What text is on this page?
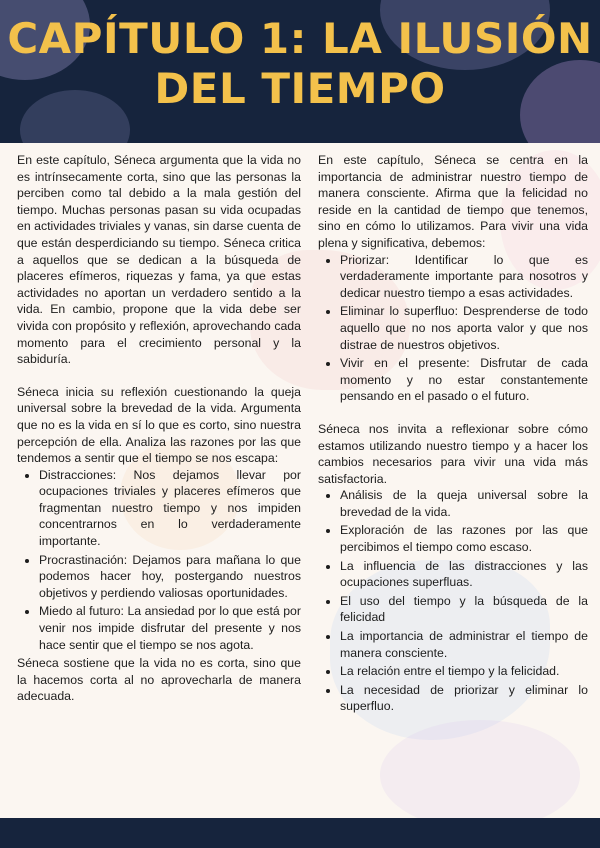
CAPÍTULO 1: LA ILUSIÓN
DEL TIEMPO

En este capítulo, Séneca argumenta que la vida no es intrínsecamente corta, sino que las personas la perciben como tal debido a la mala gestión del tiempo. Muchas personas pasan su vida ocupadas en actividades triviales y vanas, sin darse cuenta de que están desperdiciando su tiempo. Séneca critica a aquellos que se dedican a la búsqueda de placeres efímeros, riquezas y fama, ya que estas actividades no aportan un verdadero sentido a la vida. En cambio, propone que la vida debe ser vivida con propósito y reflexión, aprovechando cada momento para el crecimiento personal y la sabiduría.

Séneca inicia su reflexión cuestionando la queja universal sobre la brevedad de la vida. Argumenta que no es la vida en sí lo que es corto, sino nuestra percepción de ella. Analiza las razones por las que tendemos a sentir que el tiempo se nos escapa:

• Distracciones: Nos dejamos llevar por ocupaciones triviales y placeres efímeros que fragmentan nuestro tiempo y nos impiden concentrarnos en lo verdaderamente importante.
• Procrastinación: Dejamos para mañana lo que podemos hacer hoy, postergando nuestros objetivos y perdiendo valiosas oportunidades.
• Miedo al futuro: La ansiedad por lo que está por venir nos impide disfrutar del presente y nos hace sentir que el tiempo se nos agota.

Séneca sostiene que la vida no es corta, sino que la hacemos corta al no aprovecharla de manera adecuada.

En este capítulo, Séneca se centra en la importancia de administrar nuestro tiempo de manera consciente. Afirma que la felicidad no reside en la cantidad de tiempo que tenemos, sino en cómo lo utilizamos. Para vivir una vida plena y significativa, debemos:

• Priorizar: Identificar lo que es verdaderamente importante para nosotros y dedicar nuestro tiempo a esas actividades.
• Eliminar lo superfluo: Desprenderse de todo aquello que no nos aporta valor y que nos distrae de nuestros objetivos.
• Vivir en el presente: Disfrutar de cada momento y no estar constantemente pensando en el pasado o el futuro.

Séneca nos invita a reflexionar sobre cómo estamos utilizando nuestro tiempo y a hacer los cambios necesarios para vivir una vida más satisfactoria.

• Análisis de la queja universal sobre la brevedad de la vida.
• Exploración de las razones por las que percibimos el tiempo como escaso.
• La influencia de las distracciones y las ocupaciones superfluas.
• El uso del tiempo y la búsqueda de la felicidad
• La importancia de administrar el tiempo de manera consciente.
• La relación entre el tiempo y la felicidad.
• La necesidad de priorizar y eliminar lo superfluo.
